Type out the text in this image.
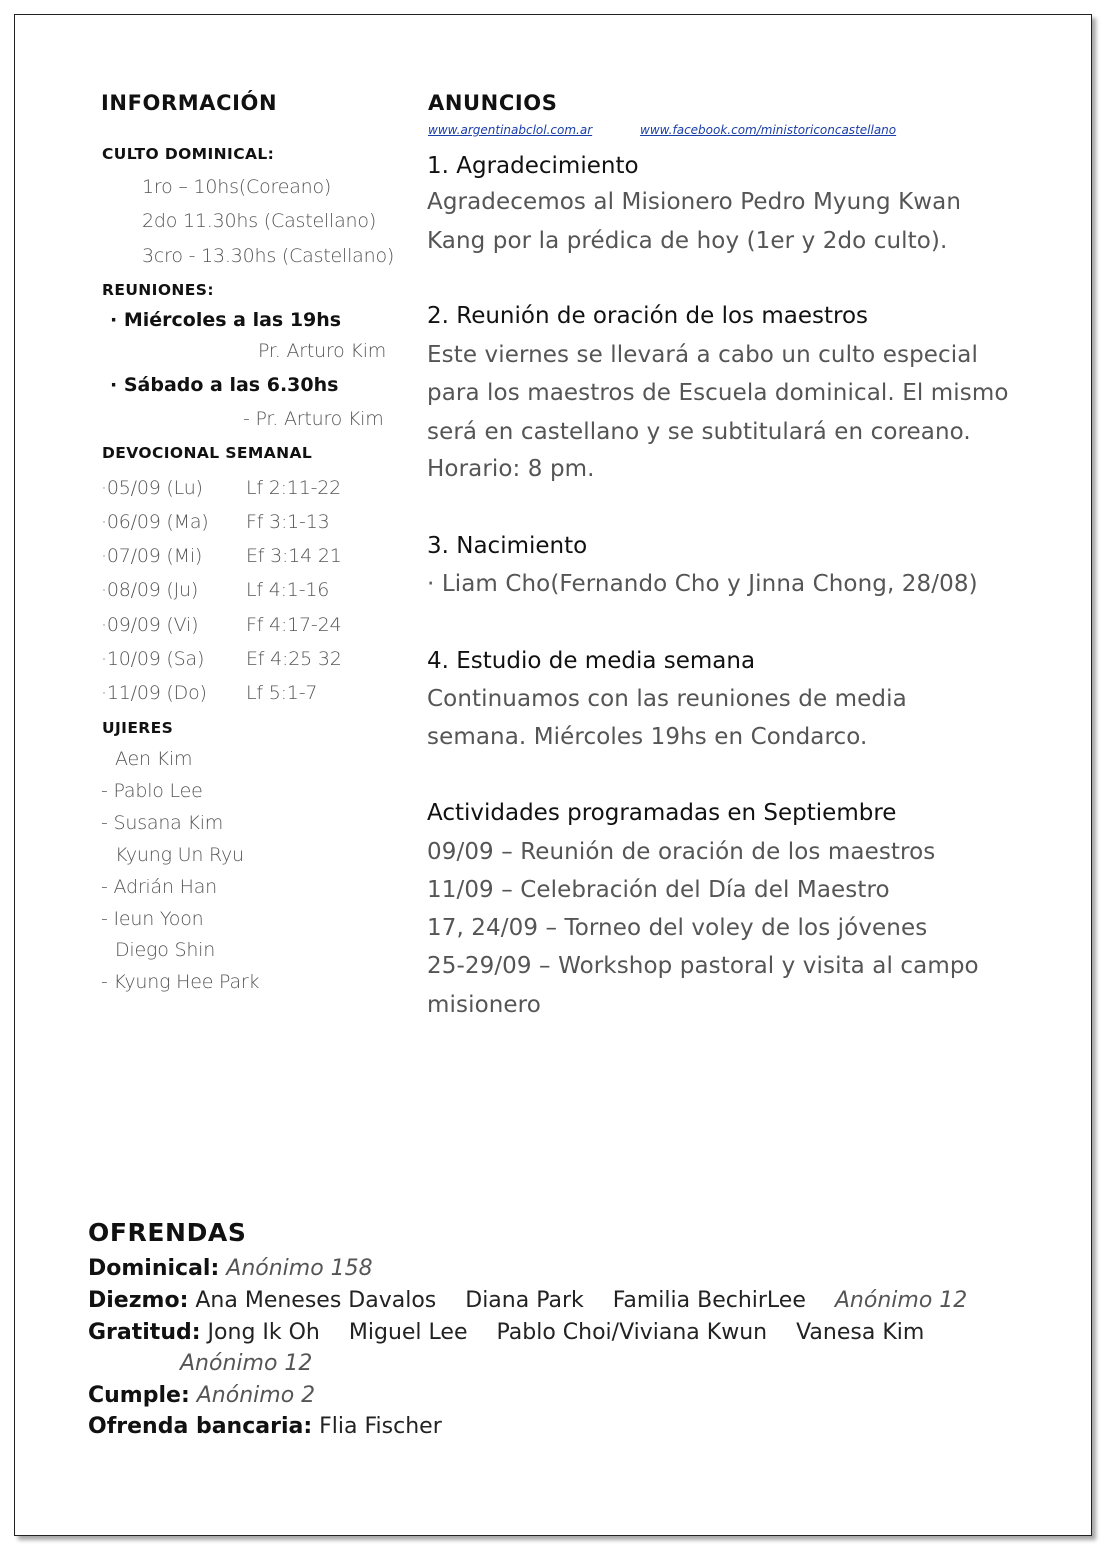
INFORMACIÓN
CULTO DOMINICAL:
1ro – 10hs(Coreano)
2do 11.30hs (Castellano)
3cro - 13.30hs (Castellano)
REUNIONES:
· Miércoles a las 19hs
Pr. Arturo Kim
· Sábado a las 6.30hs
- Pr. Arturo Kim
DEVOCIONAL SEMANAL
·05/09 (Lu) Lf 2:11-22
·06/09 (Ma) Ff 3:1-13
·07/09 (Mi) Ef 3:14 21
·08/09 (Ju)	Lf 4:1-16
·09/09 (Vi)	Ff 4:17-24
·10/09 (Sa) Ef 4:25 32
·11/09 (Do) Lf 5:1-7
UJIERES
Aen Kim
- Pablo Lee
- Susana Kim
Kyung Un Ryu
- Adrián Han
- Ieun Yoon
Diego Shin
- Kyung Hee Park
ANUNCIOS
www.argentinabclol.com.ar	www.facebook.com/ministoriconcastellano
1. Agradecimiento
Agradecemos al Misionero Pedro Myung Kwan
Kang por la prédica de hoy (1er y 2do culto).
2. Reunión de oración de los maestros
Este viernes se llevará a cabo un culto especial
para los maestros de Escuela dominical. El mismo
será en castellano y se subtitulará en coreano.
Horario: 8 pm.
3. Nacimiento
· Liam Cho(Fernando Cho y Jinna Chong, 28/08)
4. Estudio de media semana
Continuamos con las reuniones de media
semana. Miércoles 19hs en Condarco.
Actividades programadas en Septiembre
09/09 – Reunión de oración de los maestros
11/09 – Celebración del Día del Maestro
17, 24/09 – Torneo del voley de los jóvenes
25-29/09 – Workshop pastoral y visita al campo
misionero
OFRENDAS
Dominical: Anónimo 158
Diezmo: Ana Meneses Davalos Diana Park Familia BechirLee Anónimo 12
Gratitud: Jong Ik Oh Miguel Lee Pablo Choi/Viviana Kwun Vanesa Kim
Anónimo 12
Cumple: Anónimo 2
Ofrenda bancaria: Flia Fischer
